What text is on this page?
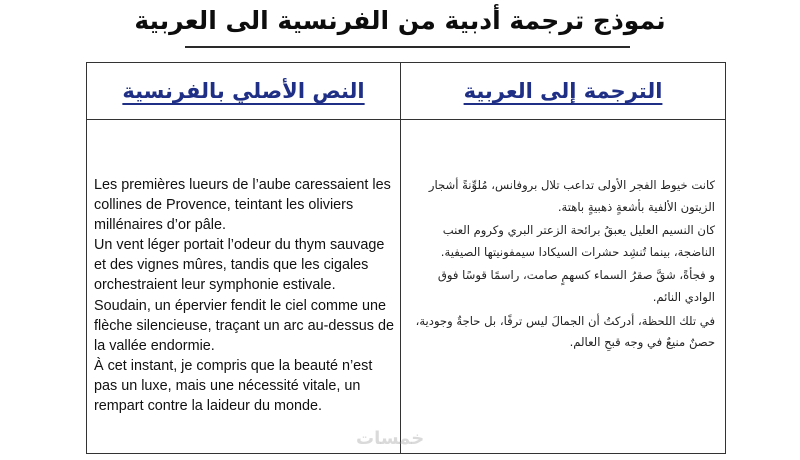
نموذج ترجمة أدبية من الفرنسية الى العربية
النص الأصلي بالفرنسية	الترجمة إلى العربية

Les premières lueurs de l’aube caressaient les collines de Provence, teintant les oliviers millénaires d’or pâle.

Un vent léger portait l’odeur du thym sauvage et des vignes mûres, tandis que les cigales orchestraient leur symphonie estivale.

Soudain, un épervier fendit le ciel comme une flèche silencieuse, traçant un arc au-dessus de la vallée endormie.

À cet instant, je compris que la beauté n’est pas un luxe, mais une nécessité vitale, un rempart contre la laideur du monde.

كانت خيوط الفجر الأولى تداعب تلال بروفانس، مُلوِّنةً أشجار الزيتون الألفية بأشعةٍ ذهبيةٍ باهتة.

كان النسيم العليل يعبقُ برائحة الزعتر البري وكروم العنب الناضجة، بينما تُنشِد حشرات السيكادا سيمفونيتها الصيفية.

و فجأةً، شقَّ صقرُ السماء كسهمٍ صامت، راسمًا قوسًا فوق الوادي النائم.

في تلك اللحظة، أدركتُ أن الجمالَ ليس ترفًا، بل حاجةٌ وجودية، حصنٌ منيعٌ في وجه قبحِ العالم.

خمسات
